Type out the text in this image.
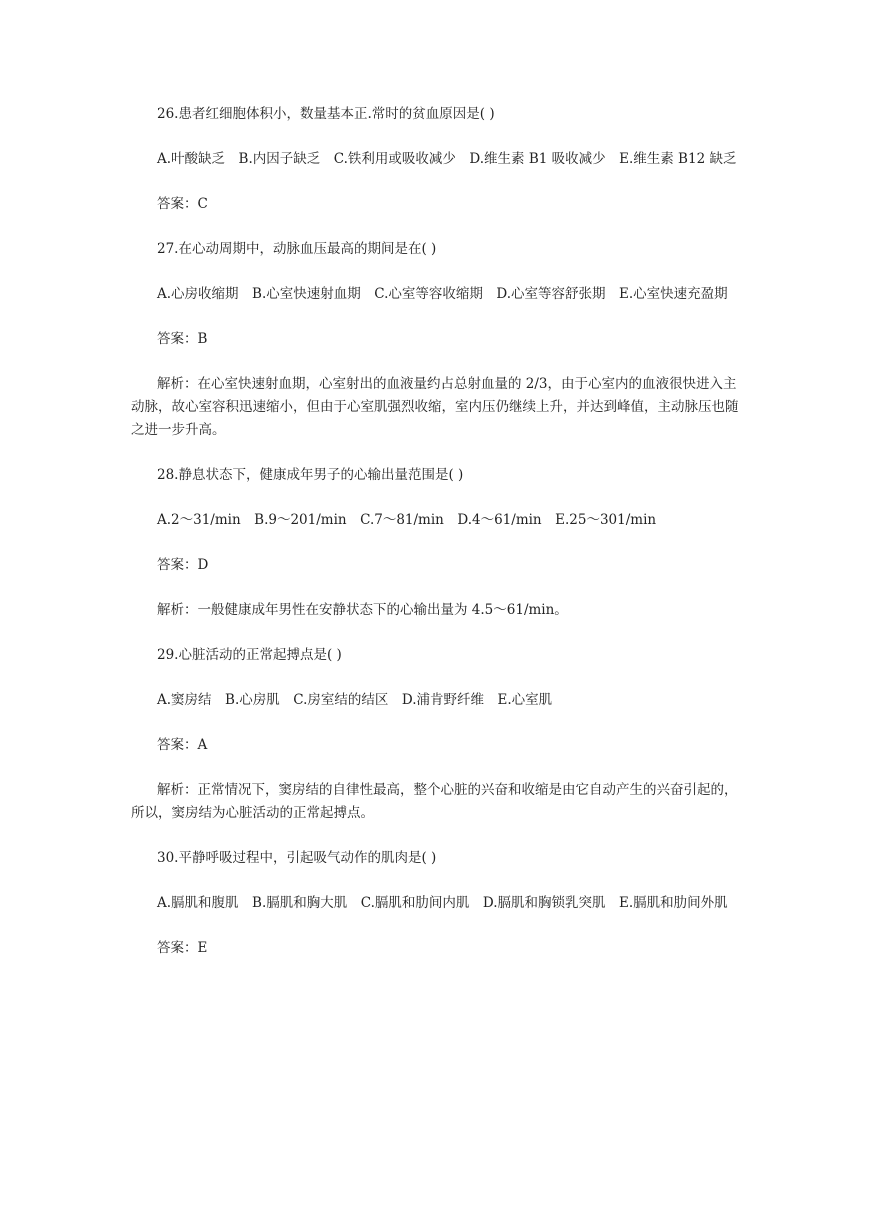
26.患者红细胞体积小，数量基本正.常时的贫血原因是( )

A.叶酸缺乏　B.内因子缺乏　C.铁利用或吸收减少　D.维生素 B1 吸收减少　E.维生素 B12 缺乏

答案：C

27.在心动周期中，动脉血压最高的期间是在( )

A.心房收缩期　B.心室快速射血期　C.心室等容收缩期　D.心室等容舒张期　E.心室快速充盈期

答案：B

解析：在心室快速射血期，心室射出的血液量约占总射血量的 2/3，由于心室内的血液很快进入主动脉，故心室容积迅速缩小，但由于心室肌强烈收缩，室内压仍继续上升，并达到峰值，主动脉压也随之进一步升高。

28.静息状态下，健康成年男子的心输出量范围是( )

A.2～31/min　B.9～201/min　C.7～81/min　D.4～61/min　E.25～301/min

答案：D

解析：一般健康成年男性在安静状态下的心输出量为 4.5～61/min。

29.心脏活动的正常起搏点是( )

A.窦房结　B.心房肌　C.房室结的结区　D.浦肯野纤维　E.心室肌

答案：A

解析：正常情况下，窦房结的自律性最高，整个心脏的兴奋和收缩是由它自动产生的兴奋引起的，所以，窦房结为心脏活动的正常起搏点。

30.平静呼吸过程中，引起吸气动作的肌肉是( )

A.膈肌和腹肌　B.膈肌和胸大肌　C.膈肌和肋间内肌　D.膈肌和胸锁乳突肌　E.膈肌和肋间外肌

答案：E
